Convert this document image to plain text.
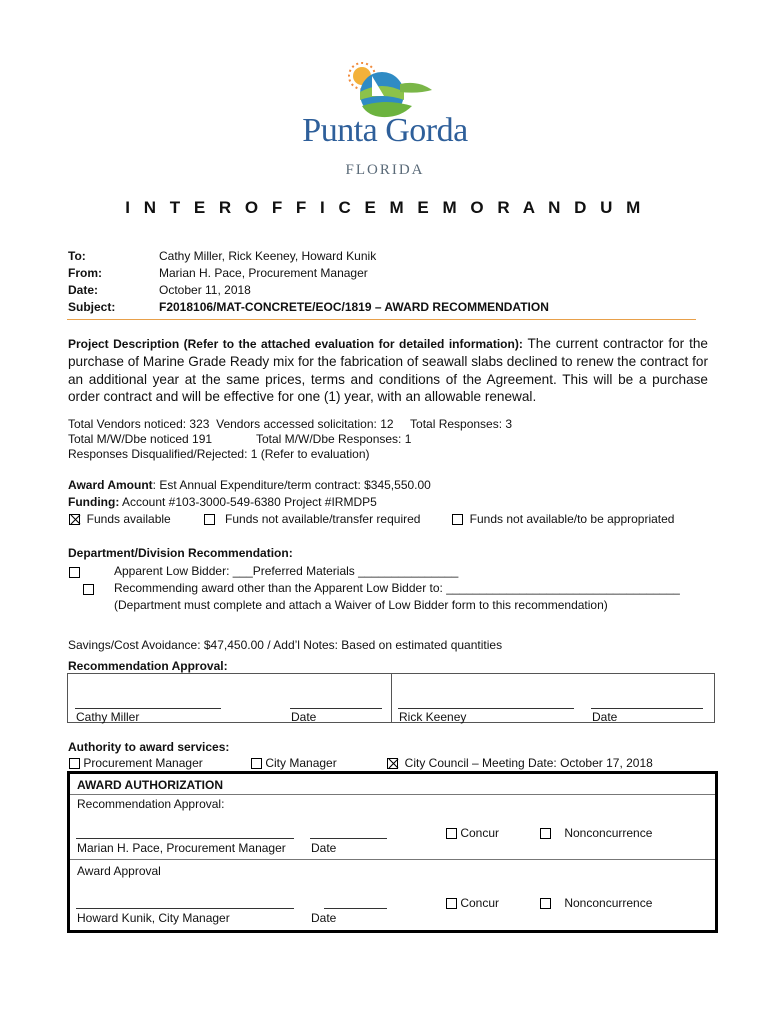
Punta Gorda
FLORIDA
I N T E R O F F I C E M E M O R A N D U M
To:	Cathy Miller, Rick Keeney, Howard Kunik
From:	Marian H. Pace, Procurement Manager
Date:	October 11, 2018
Subject:	F2018106/MAT-CONCRETE/EOC/1819 – AWARD RECOMMENDATION
Project Description (Refer to the attached evaluation for detailed information): The current contractor for the purchase of Marine Grade Ready mix for the fabrication of seawall slabs declined to renew the contract for an additional year at the same prices, terms and conditions of the Agreement. This will be a purchase order contract and will be effective for one (1) year, with an allowable renewal.
Total Vendors noticed: 323 Vendors accessed solicitation: 12 Total Responses: 3
Total M/W/Dbe noticed 191	Total M/W/Dbe Responses: 1
Responses Disqualified/Rejected: 1 (Refer to evaluation)
Award Amount: Est Annual Expenditure/term contract: $345,550.00
Funding: Account #103-3000-549-6380 Project #IRMDP5
Funds available	Funds not available/transfer required	Funds not available/to be appropriated
Department/Division Recommendation:

Apparent Low Bidder: ___Preferred Materials _______________
Recommending award other than the Apparent Low Bidder to: ___________________________________
(Department must complete and attach a Waiver of Low Bidder form to this recommendation)
Savings/Cost Avoidance: $47,450.00 / Add’l Notes: Based on estimated quantities
Recommendation Approval:
Cathy Miller	Date	Rick Keeney	Date
Authority to award services:
Procurement Manager	City Manager	City Council – Meeting Date: October 17, 2018
AWARD AUTHORIZATION
Recommendation Approval:
Marian H. Pace, Procurement Manager Date
Concur	Nonconcurrence
Award Approval
Howard Kunik, City Manager	Date
Concur	Nonconcurrence
